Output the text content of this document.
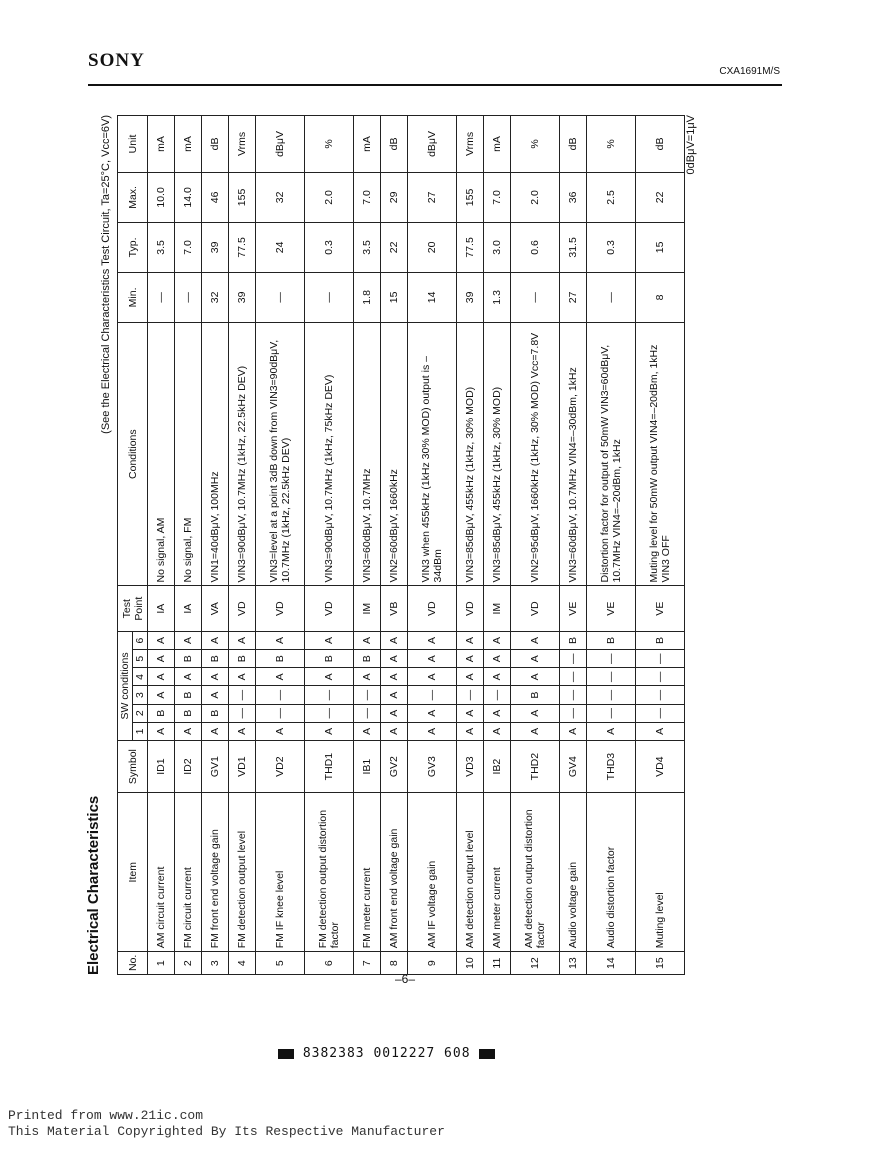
SONY
CXA1691M/S
Electrical Characteristics
(See the Electrical Characteristics Test Circuit, Ta=25°C, Vcc=6V)
No.	Item	Symbol	SW conditions						Test Point	Conditions	Min.	Typ.	Max.	Unit
			1	2	3	4	5	6						
1	AM circuit current	ID1	A	B	A	A	A	A	IA	No signal, AM	—	3.5	10.0	mA
2	FM circuit current	ID2	A	B	B	A	B	A	IA	No signal, FM	—	7.0	14.0	mA
3	FM front end voltage gain	GV1	A	B	A	A	B	A	VA	VIN1=40dBμV, 100MHz	32	39	46	dB
4	FM detection output level	VD1	A	—	—	A	B	A	VD	VIN3=90dBμV, 10.7MHz (1kHz, 22.5kHz DEV)	39	77.5	155	Vrms
5	FM IF knee level	VD2	A	—	—	A	B	A	VD	VIN3=level at a point 3dB down from VIN3=90dBμV, 10.7MHz (1kHz, 22.5kHz DEV)	—	24	32	dBμV
6	FM detection output distortion factor	THD1	A	—	—	A	B	A	VD	VIN3=90dBμV, 10.7MHz (1kHz, 75kHz DEV)	—	0.3	2.0	%
7	FM meter current	IB1	A	—	—	A	B	A	IM	VIN3=60dBμV, 10.7MHz	1.8	3.5	7.0	mA
8	AM front end voltage gain	GV2	A	A	A	A	A	A	VB	VIN2=60dBμV, 1660kHz	15	22	29	dB
9	AM IF voltage gain	GV3	A	A	—	A	A	A	VD	VIN3 when 455kHz (1kHz 30% MOD) output is –34dBm	14	20	27	dBμV
10	AM detection output level	VD3	A	A	—	A	A	A	VD	VIN3=85dBμV, 455kHz (1kHz, 30% MOD)	39	77.5	155	Vrms
11	AM meter current	IB2	A	A	—	A	A	A	IM	VIN3=85dBμV, 455kHz (1kHz, 30% MOD)	1.3	3.0	7.0	mA
12	AM detection output distortion factor	THD2	A	A	B	A	A	A	VD	VIN2=95dBμV, 1660kHz (1kHz, 30% MOD) Vcc=7.8V	—	0.6	2.0	%
13	Audio voltage gain	GV4	A	—	—	—	—	B	VE	VIN3=60dBμV, 10.7MHz VIN4=–30dBm, 1kHz	27	31.5	36	dB
14	Audio distortion factor	THD3	A	—	—	—	—	B	VE	Distortion factor for output of 50mW VIN3=60dBμV, 10.7MHz VIN4=–20dBm, 1kHz	—	0.3	2.5	%
15	Muting level	VD4	A	—	—	—	—	B	VE	Muting level for 50mW output VIN4=–20dBm, 1kHz VIN3 OFF	8	15	22	dB 0dBμV=1μV
–6–
8382383 0012227 608
Printed from www.21ic.com
This Material Copyrighted By Its Respective Manufacturer
